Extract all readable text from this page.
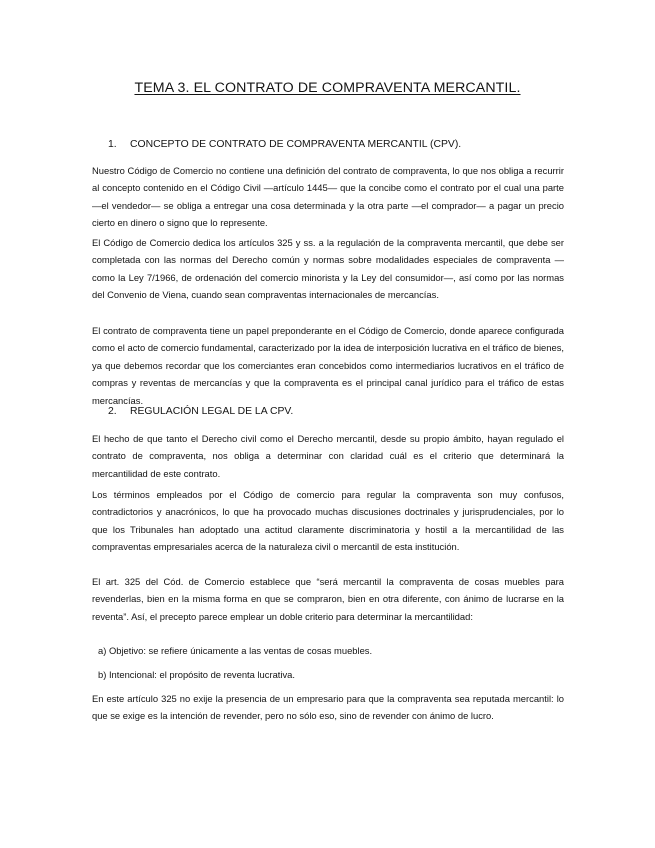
TEMA 3. EL CONTRATO DE COMPRAVENTA MERCANTIL.
1. CONCEPTO DE CONTRATO DE COMPRAVENTA MERCANTIL (CPV).

Nuestro Código de Comercio no contiene una definición del contrato de compraventa, lo que nos obliga a recurrir al concepto contenido en el Código Civil —artículo 1445— que la concibe como el contrato por el cual una parte —el vendedor— se obliga a entregar una cosa determinada y la otra parte —el comprador— a pagar un precio cierto en dinero o signo que lo represente.

El Código de Comercio dedica los artículos 325 y ss. a la regulación de la compraventa mercantil, que debe ser completada con las normas del Derecho común y normas sobre modalidades especiales de compraventa —como la Ley 7/1966, de ordenación del comercio minorista y la Ley del consumidor—, así como por las normas del Convenio de Viena, cuando sean compraventas internacionales de mercancías.

El contrato de compraventa tiene un papel preponderante en el Código de Comercio, donde aparece configurada como el acto de comercio fundamental, caracterizado por la idea de interposición lucrativa en el tráfico de bienes, ya que debemos recordar que los comerciantes eran concebidos como intermediarios lucrativos en el tráfico de compras y reventas de mercancías y que la compraventa es el principal canal jurídico para el tráfico de estas mercancías.

2. REGULACIÓN LEGAL DE LA CPV.

El hecho de que tanto el Derecho civil como el Derecho mercantil, desde su propio ámbito, hayan regulado el contrato de compraventa, nos obliga a determinar con claridad cuál es el criterio que determinará la mercantilidad de este contrato.

Los términos empleados por el Código de comercio para regular la compraventa son muy confusos, contradictorios y anacrónicos, lo que ha provocado muchas discusiones doctrinales y jurisprudenciales, por lo que los Tribunales han adoptado una actitud claramente discriminatoria y hostil a la mercantilidad de las compraventas empresariales acerca de la naturaleza civil o mercantil de esta institución.

El art. 325 del Cód. de Comercio establece que “será mercantil la compraventa de cosas muebles para revenderlas, bien en la misma forma en que se compraron, bien en otra diferente, con ánimo de lucrarse en la reventa”. Así, el precepto parece emplear un doble criterio para determinar la mercantilidad:

a) Objetivo: se refiere únicamente a las ventas de cosas muebles.

b) Intencional: el propósito de reventa lucrativa.

En este artículo 325 no exije la presencia de un empresario para que la compraventa sea reputada mercantil: lo que se exige es la intención de revender, pero no sólo eso, sino de revender con ánimo de lucro.
